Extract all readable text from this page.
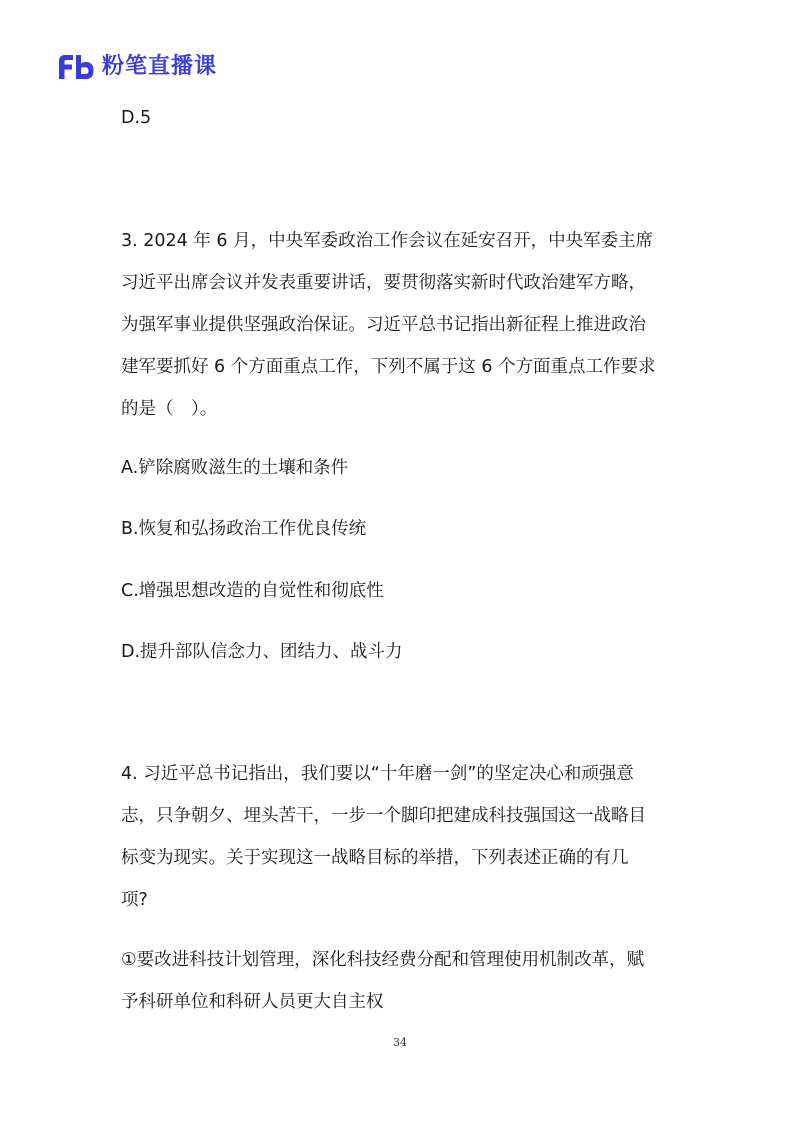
粉笔直播课
D.5
3. 2024 年 6 月，中央军委政治工作会议在延安召开，中央军委主席
习近平出席会议并发表重要讲话，要贯彻落实新时代政治建军方略，
为强军事业提供坚强政治保证。习近平总书记指出新征程上推进政治
建军要抓好 6 个方面重点工作，下列不属于这 6 个方面重点工作要求
的是（　）。
A.铲除腐败滋生的土壤和条件
B.恢复和弘扬政治工作优良传统
C.增强思想改造的自觉性和彻底性
D.提升部队信念力、团结力、战斗力
4. 习近平总书记指出，我们要以“十年磨一剑”的坚定决心和顽强意
志，只争朝夕、埋头苦干，一步一个脚印把建成科技强国这一战略目
标变为现实。关于实现这一战略目标的举措，下列表述正确的有几
项?
①要改进科技计划管理，深化科技经费分配和管理使用机制改革，赋
予科研单位和科研人员更大自主权
34
